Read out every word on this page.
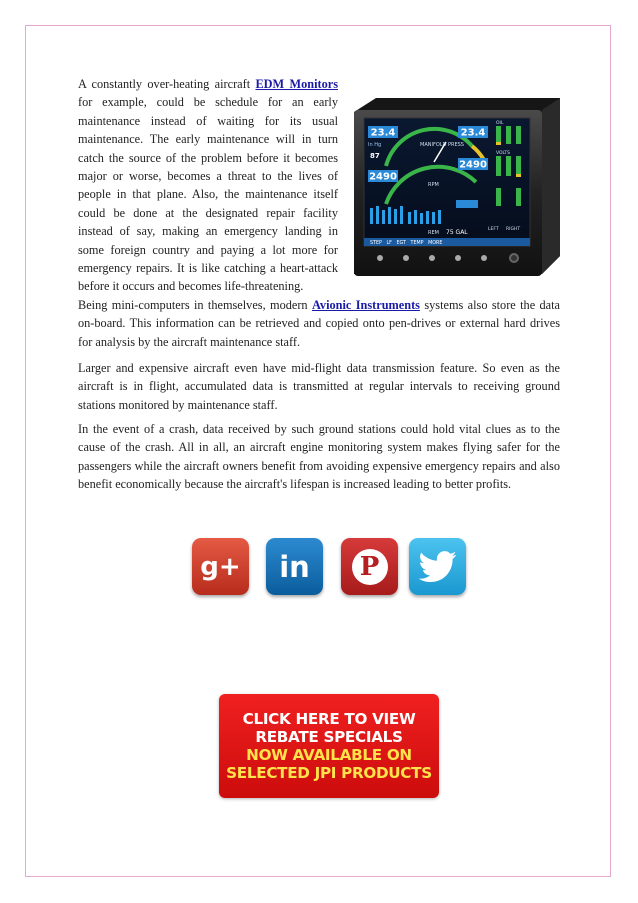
A constantly over-heating aircraft EDM Monitors for example, could be schedule for an early maintenance instead of waiting for its usual maintenance. The early maintenance will in turn catch the source of the problem before it becomes major or worse, becomes a threat to the lives of people in that plane. Also, the maintenance itself could be done at the designated repair facility instead of say, making an emergency landing in some foreign country and paying a lot more for emergency repairs. It is like catching a heart-attack before it occurs and becomes life-threatening.
23.4
In Hg
87
23.4
MANIFOLD PRESS
2490
2490
RPM
OIL
VOLTS
75 GAL
REM
LEFT RIGHT
STEP   LF   EGT   TEMP   MORE

Being mini-computers in themselves, modern Avionic Instruments systems also store the data on-board. This information can be retrieved and copied onto pen-drives or external hard drives for analysis by the aircraft maintenance staff.

Larger and expensive aircraft even have mid-flight data transmission feature. So even as the aircraft is in flight, accumulated data is transmitted at regular intervals to receiving ground stations monitored by maintenance staff.

In the event of a crash, data received by such ground stations could hold vital clues as to the cause of the crash. All in all, an aircraft engine monitoring system makes flying safer for the passengers while the aircraft owners benefit from avoiding expensive emergency repairs and also benefit economically because the aircraft's lifespan is increased leading to better profits.

g+ in P
CLICK HERE TO VIEW
REBATE SPECIALS
NOW AVAILABLE ON
SELECTED JPI PRODUCTS
